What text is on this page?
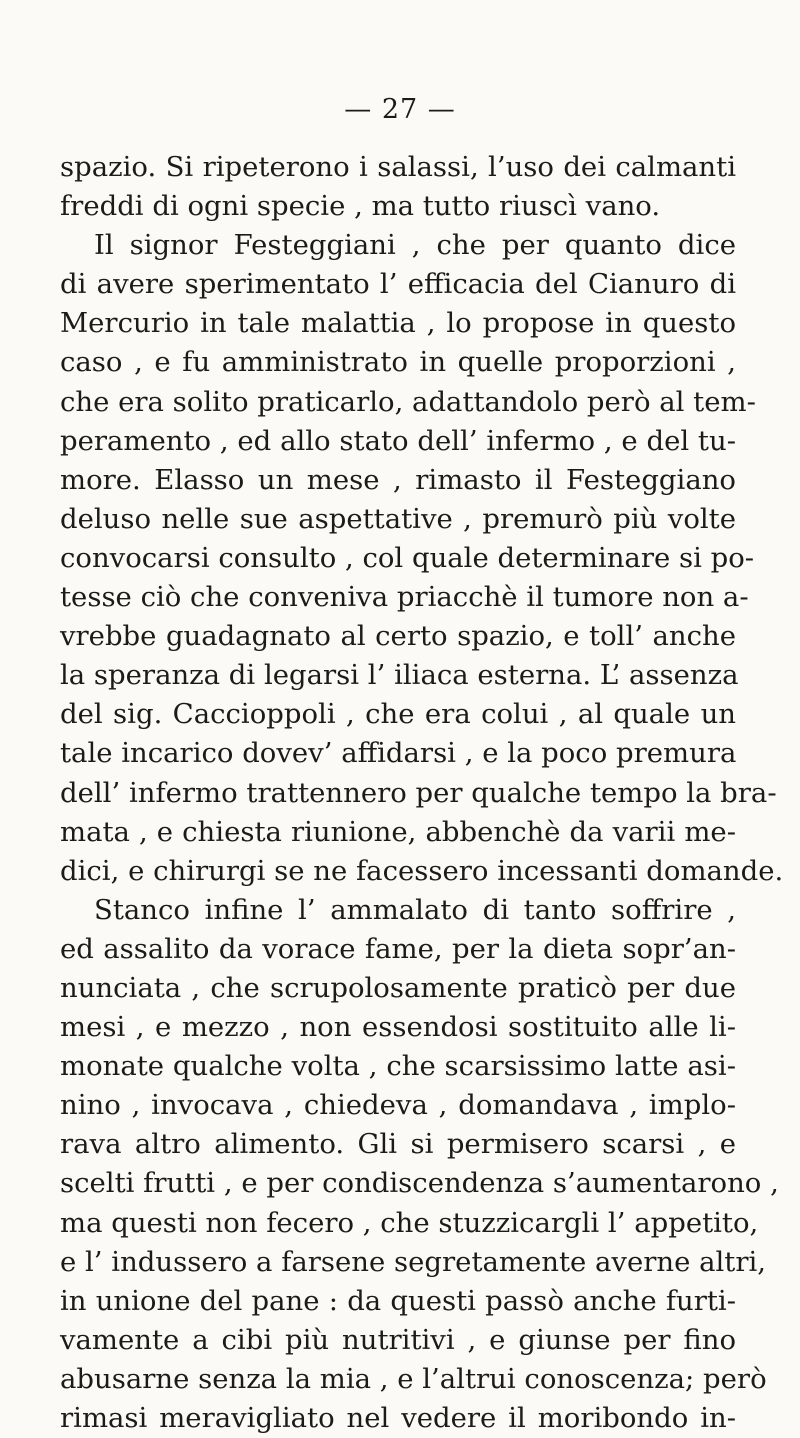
— 27 —
spazio. Si ripeterono i salassi, l’uso dei calmanti
freddi di ogni specie , ma tutto riuscì vano.
Il signor Festeggiani , che per quanto dice
di avere sperimentato l’ efficacia del Cianuro di
Mercurio in tale malattia , lo propose in questo
caso , e fu amministrato in quelle proporzioni ,
che era solito praticarlo, adattandolo però al tem-
peramento , ed allo stato dell’ infermo , e del tu-
more. Elasso un mese , rimasto il Festeggiano
deluso nelle sue aspettative , premurò più volte
convocarsi consulto , col quale determinare si po-
tesse ciò che conveniva priacchè il tumore non a-
vrebbe guadagnato al certo spazio, e toll’ anche
la speranza di legarsi l’ iliaca esterna. L’ assenza
del sig. Caccioppoli , che era colui , al quale un
tale incarico dovev’ affidarsi , e la poco premura
dell’ infermo trattennero per qualche tempo la bra-
mata , e chiesta riunione, abbenchè da varii me-
dici, e chirurgi se ne facessero incessanti domande.
Stanco infine l’ ammalato di tanto soffrire ,
ed assalito da vorace fame, per la dieta sopr’an-
nunciata , che scrupolosamente praticò per due
mesi , e mezzo , non essendosi sostituito alle li-
monate qualche volta , che scarsissimo latte asi-
nino , invocava , chiedeva , domandava , implo-
rava altro alimento. Gli si permisero scarsi , e
scelti frutti , e per condiscendenza s’aumentarono ,
ma questi non fecero , che stuzzicargli l’ appetito,
e l’ indussero a farsene segretamente averne altri,
in unione del pane : da questi passò anche furti-
vamente a cibi più nutritivi , e giunse per fino
abusarne senza la mia , e l’altrui conoscenza; però
rimasi meravigliato nel vedere il moribondo in-
